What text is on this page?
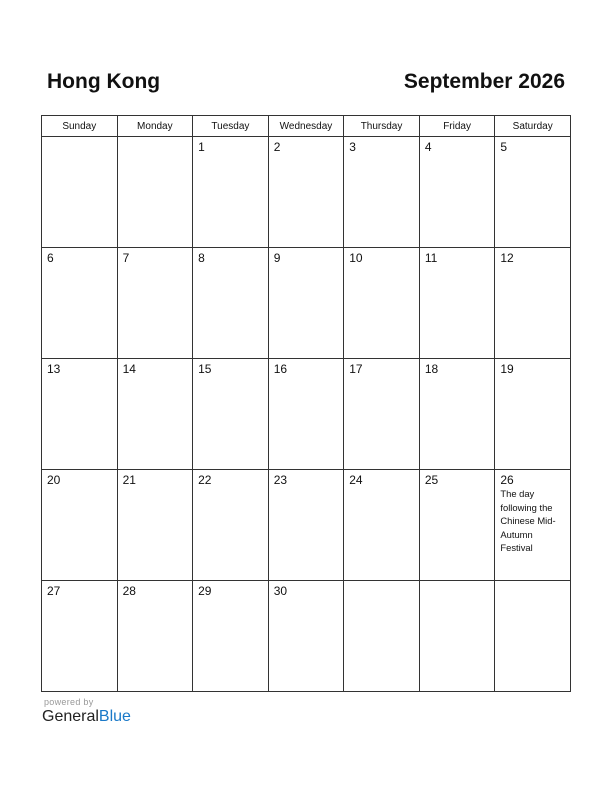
Hong Kong	September 2026
Sunday	Monday	Tuesday	Wednesday	Thursday	Friday	Saturday

		1	2	3	4	5

6	7	8	9	10	11	12

13	14	15	16	17	18	19

20	21	22	23	24	25	26
The day following the Chinese Mid-Autumn Festival

27	28	29	30			

powered by
GeneralBlue
